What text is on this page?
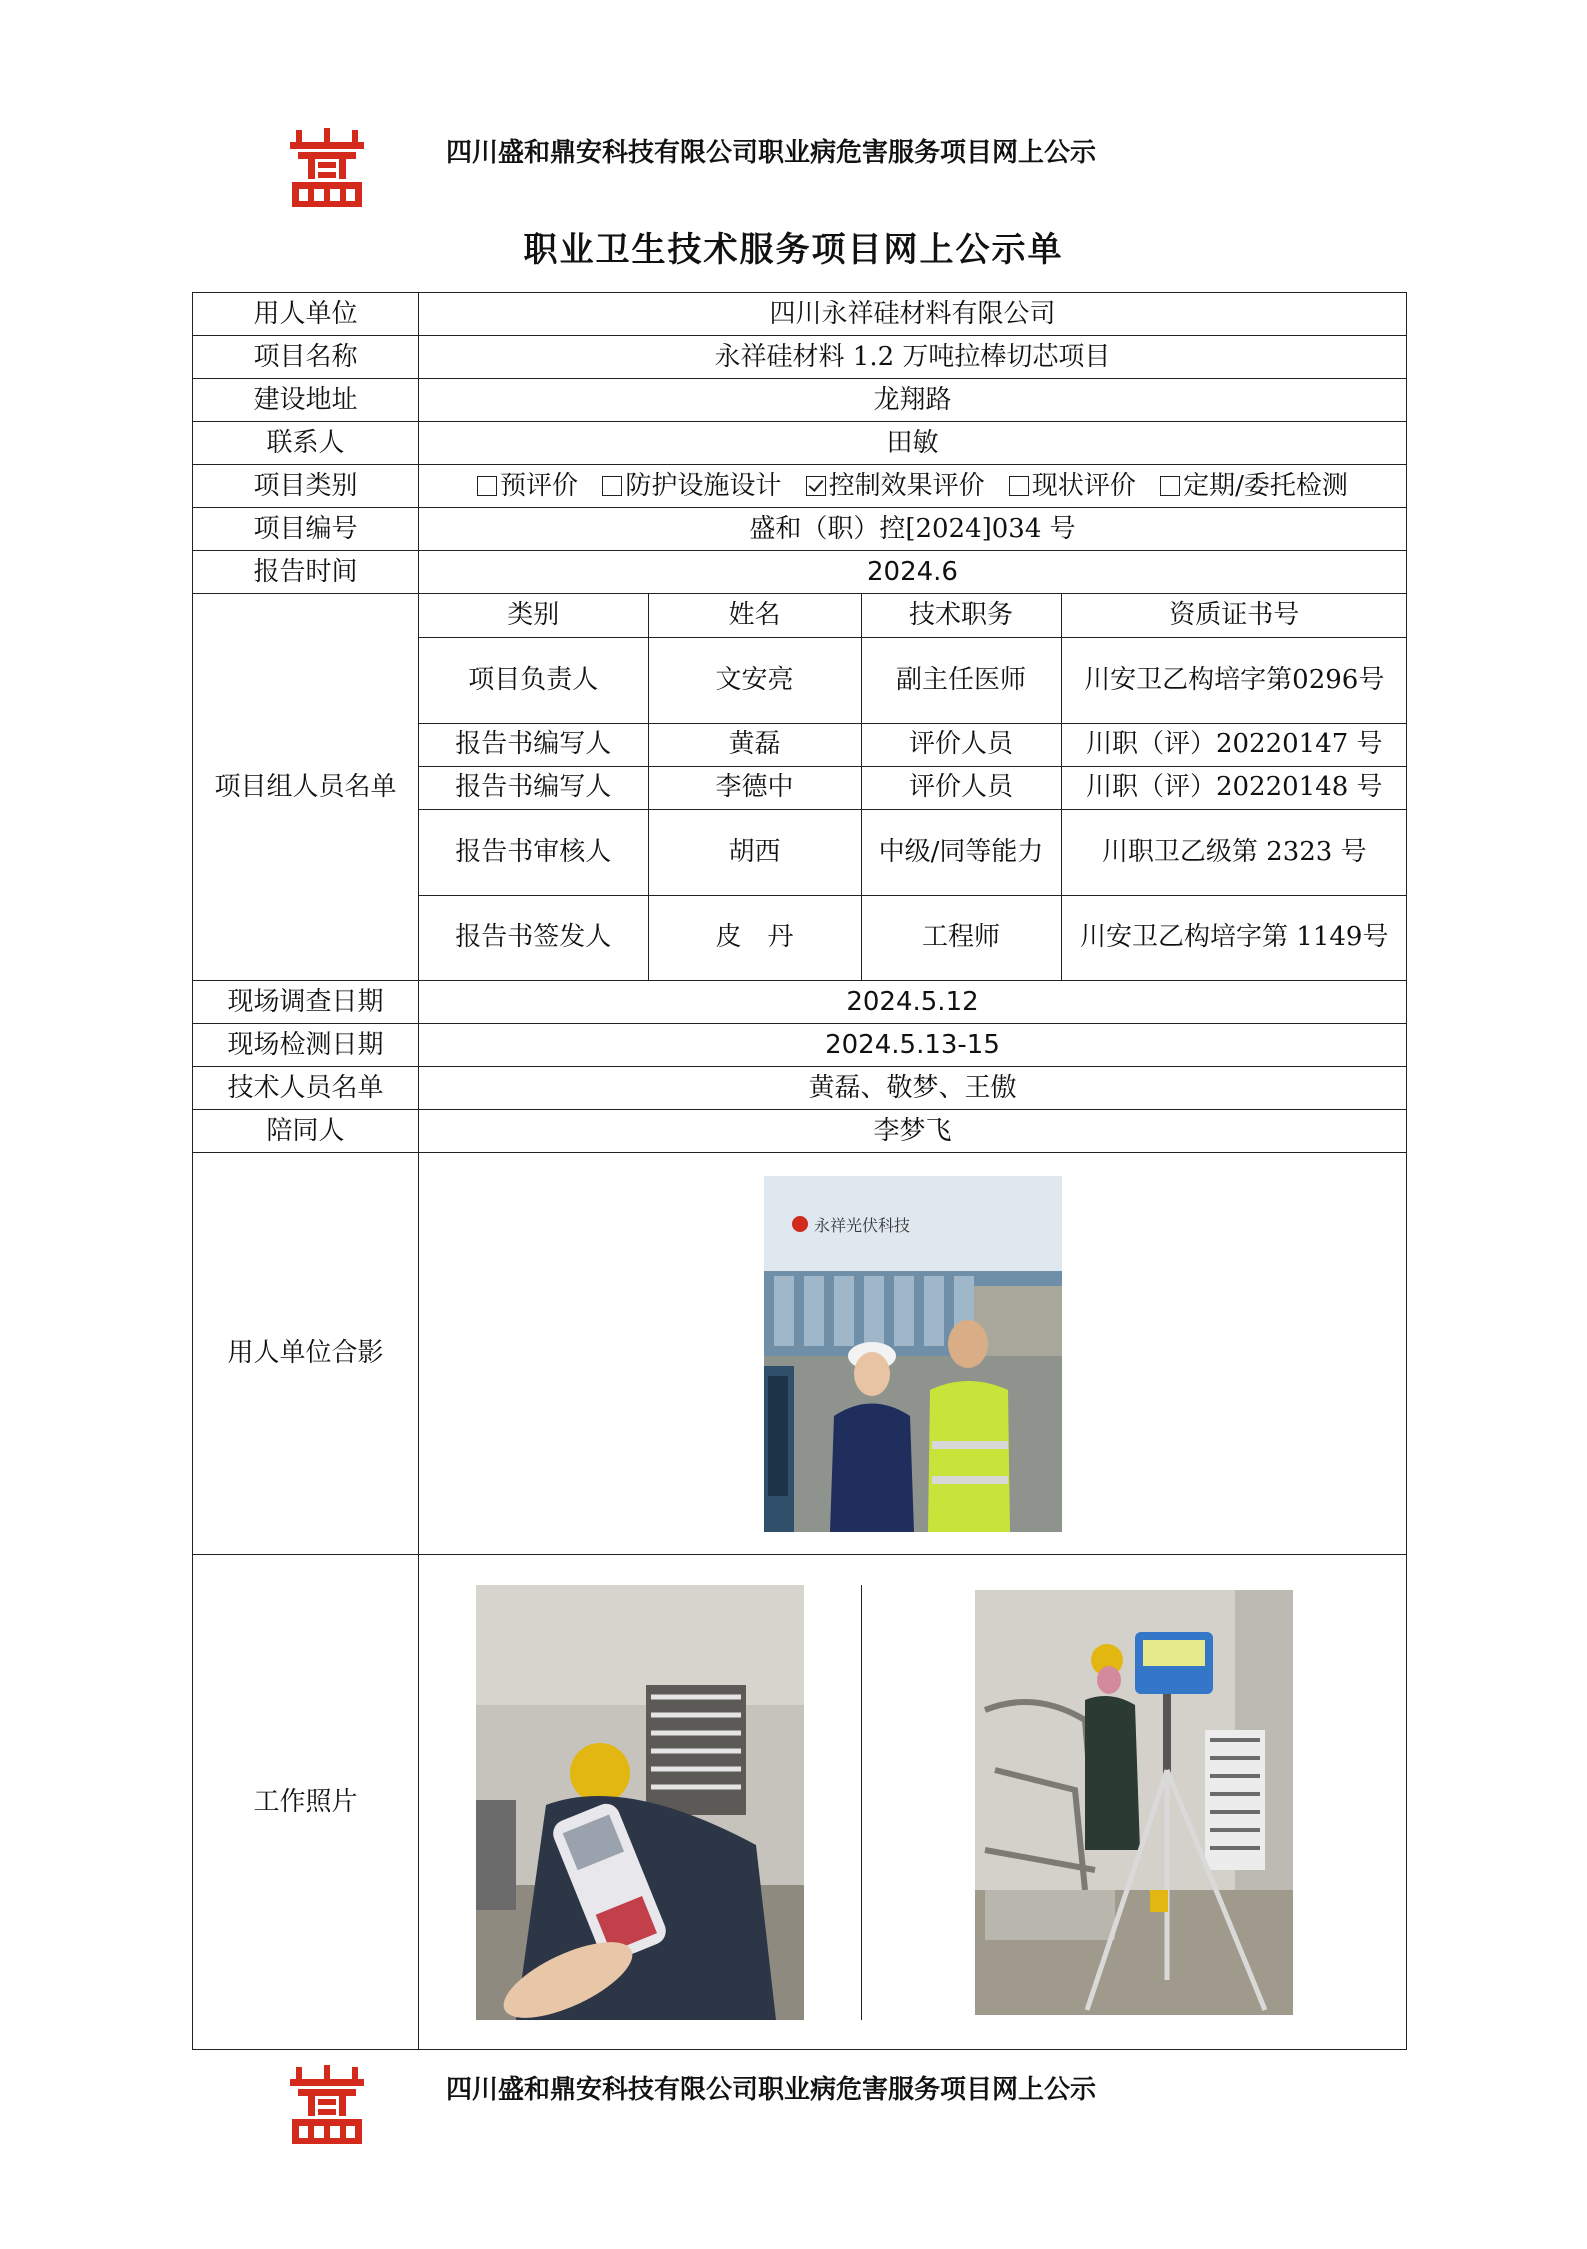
四川盛和鼎安科技有限公司职业病危害服务项目网上公示
职业卫生技术服务项目网上公示单
用人单位	四川永祥硅材料有限公司
项目名称	永祥硅材料 1.2 万吨拉棒切芯项目
建设地址	龙翔路
联系人	田敏
项目类别	预评价 防护设施设计 控制效果评价 现状评价 定期/委托检测
项目编号	盛和（职）控[2024]034 号
报告时间	2024.6
项目组人员名单	
类别	姓名	技术职务	资质证书号
项目负责人	文安亮	副主任医师	川安卫乙构培字第0296号
报告书编写人	黄磊	评价人员	川职（评）20220147 号
报告书编写人	李德中	评价人员	川职（评）20220148 号
报告书审核人	胡西	中级/同等能力	川职卫乙级第 2323 号
报告书签发人	皮　丹	工程师	川安卫乙构培字第 1149号

现场调查日期	2024.5.12
现场检测日期	2024.5.13-15
技术人员名单	黄磊、敬梦、王傲
陪同人	李梦飞
用人单位合影	
永祥光伏科技

工作照片	

四川盛和鼎安科技有限公司职业病危害服务项目网上公示
